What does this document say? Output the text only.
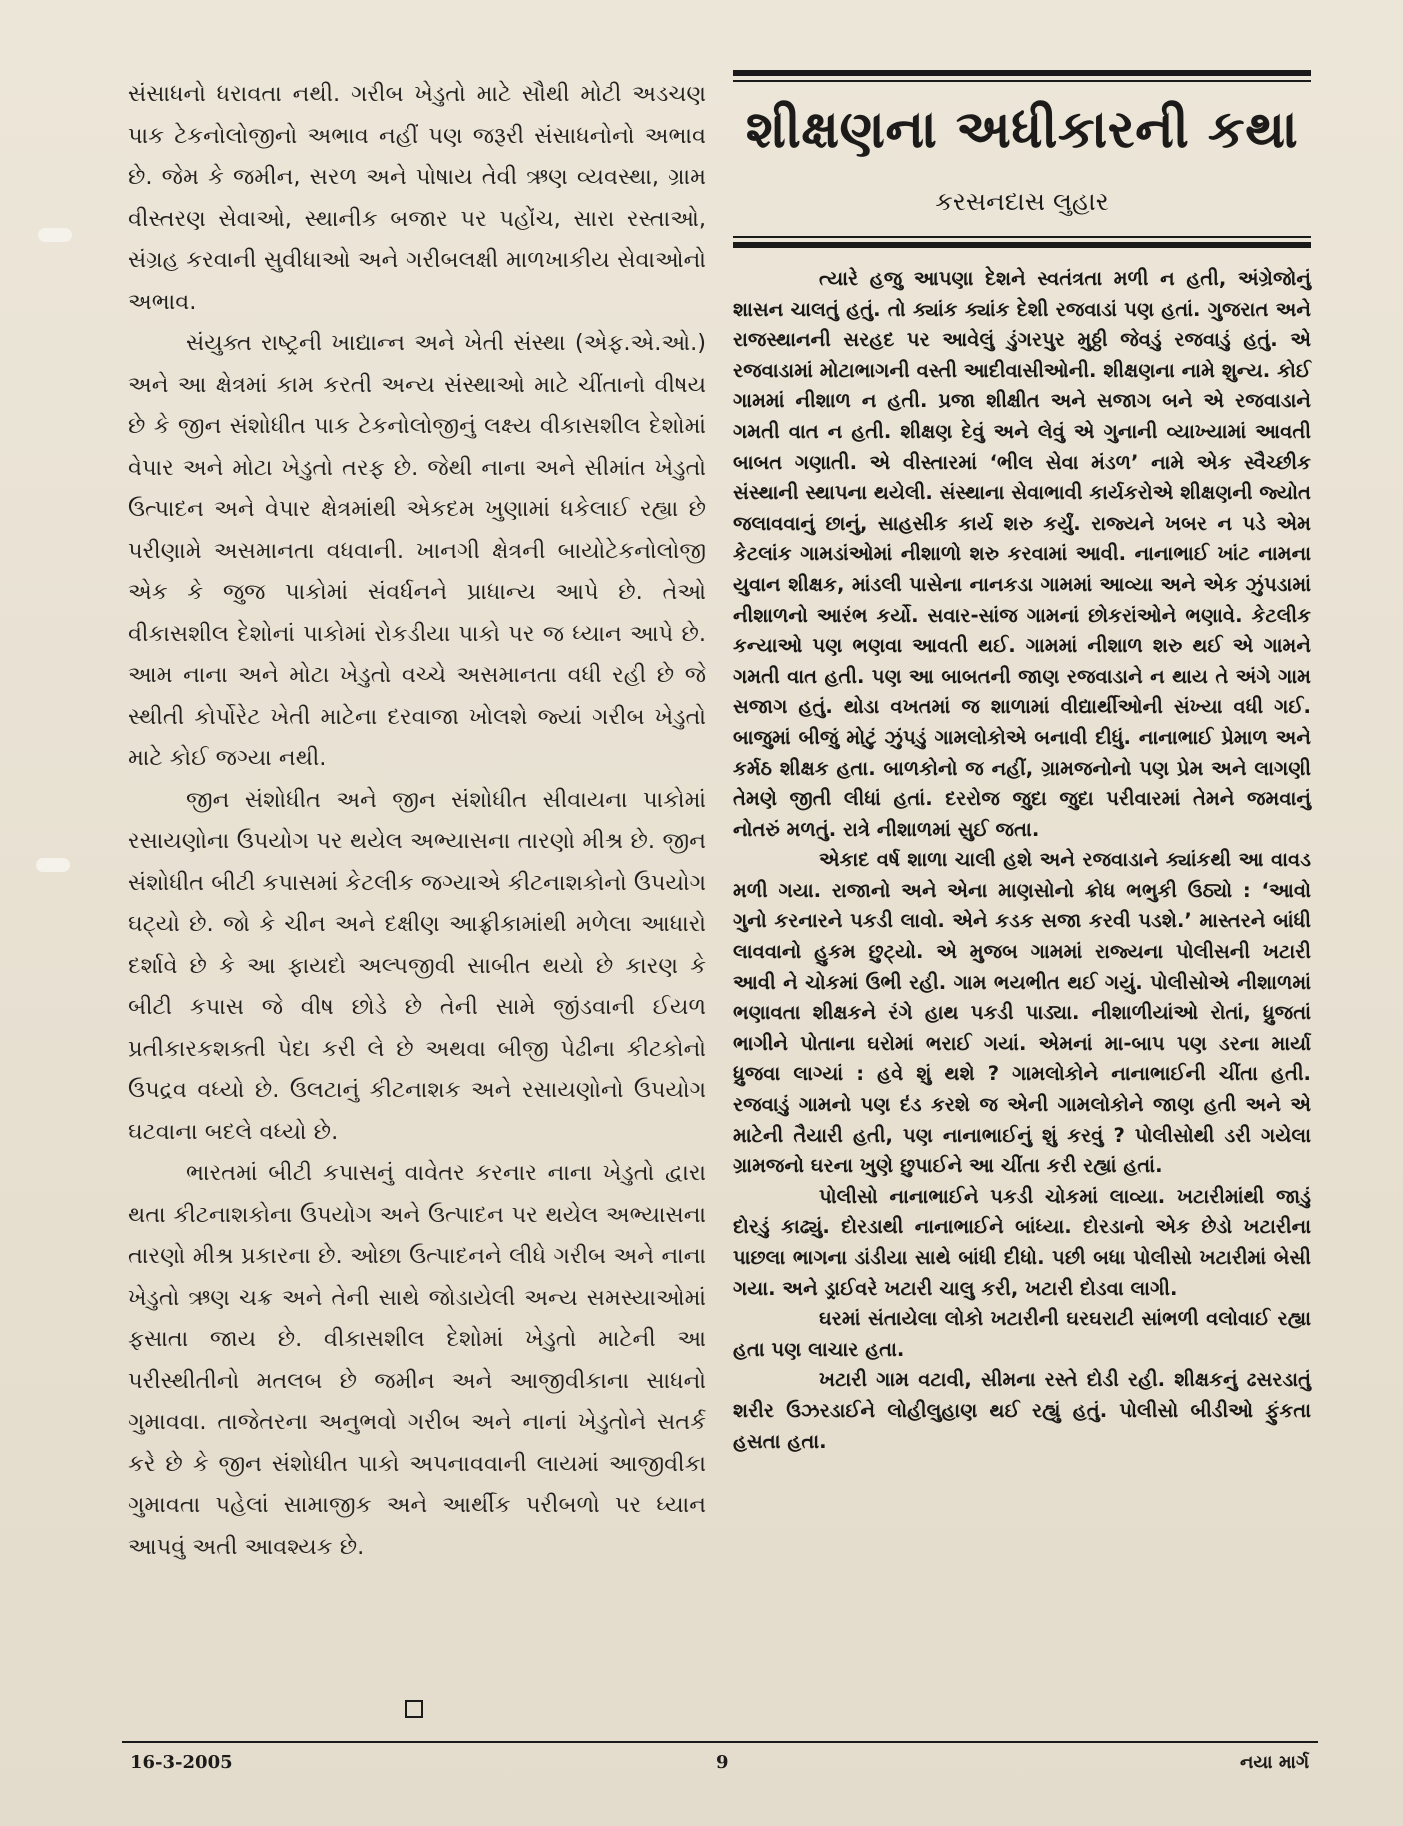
સંસાધનો ધરાવતા નથી. ગરીબ ખેડુતો માટે સૌથી મોટી અડચણ પાક ટેકનોલોજીનો અભાવ નહીં પણ જરૂરી સંસાધનોનો અભાવ છે. જેમ કે જમીન, સરળ અને પોષાય તેવી ઋણ વ્યવસ્થા, ગ્રામ વીસ્તરણ સેવાઓ, સ્થાનીક બજાર પર પહોંચ, સારા રસ્તાઓ, સંગ્રહ કરવાની સુવીધાઓ અને ગરીબલક્ષી માળખાકીય સેવાઓનો અભાવ.

સંયુક્ત રાષ્ટ્રની ખાદ્યાન્ન અને ખેતી સંસ્થા (એફ.એ.ઓ.) અને આ ક્ષેત્રમાં કામ કરતી અન્ય સંસ્થાઓ માટે ચીંતાનો વીષય છે કે જીન સંશોધીત પાક ટેકનોલોજીનું લક્ષ્ય વીકાસશીલ દેશોમાં વેપાર અને મોટા ખેડુતો તરફ છે. જેથી નાના અને સીમાંત ખેડુતો ઉત્પાદન અને વેપાર ક્ષેત્રમાંથી એકદમ ખુણામાં ધકેલાઈ રહ્યા છે પરીણામે અસમાનતા વધવાની. ખાનગી ક્ષેત્રની બાયોટેકનોલોજી એક કે જુજ પાકોમાં સંવર્ધનને પ્રાધાન્ય આપે છે. તેઓ વીકાસશીલ દેશોનાં પાકોમાં રોકડીયા પાકો પર જ ધ્યાન આપે છે. આમ નાના અને મોટા ખેડુતો વચ્ચે અસમાનતા વધી રહી છે જે સ્થીતી કોર્પોરેટ ખેતી માટેના દરવાજા ખોલશે જ્યાં ગરીબ ખેડુતો માટે કોઈ જગ્યા નથી.

જીન સંશોધીત અને જીન સંશોધીત સીવાયના પાકોમાં રસાયણોના ઉપયોગ પર થયેલ અભ્યાસના તારણો મીશ્ર છે. જીન સંશોધીત બીટી કપાસમાં કેટલીક જગ્યાએ કીટનાશકોનો ઉપયોગ ઘટ્યો છે. જો કે ચીન અને દક્ષીણ આફ્રીકામાંથી મળેલા આધારો દર્શાવે છે કે આ ફાયદો અલ્પજીવી સાબીત થયો છે કારણ કે બીટી કપાસ જે વીષ છોડે છે તેની સામે જીંડવાની ઈયળ પ્રતીકારકશક્તી પેદા કરી લે છે અથવા બીજી પેઢીના કીટકોનો ઉપદ્રવ વધ્યો છે. ઉલટાનું કીટનાશક અને રસાયણોનો ઉપયોગ ઘટવાના બદલે વધ્યો છે.

ભારતમાં બીટી કપાસનું વાવેતર કરનાર નાના ખેડુતો દ્વારા થતા કીટનાશકોના ઉપયોગ અને ઉત્પાદન પર થયેલ અભ્યાસના તારણો મીશ્ર પ્રકારના છે. ઓછા ઉત્પાદનને લીધે ગરીબ અને નાના ખેડુતો ઋણ ચક્ર અને તેની સાથે જોડાયેલી અન્ય સમસ્યાઓમાં ફસાતા જાય છે. વીકાસશીલ દેશોમાં ખેડુતો માટેની આ પરીસ્થીતીનો મતલબ છે જમીન અને આજીવીકાના સાધનો ગુમાવવા. તાજેતરના અનુભવો ગરીબ અને નાનાં ખેડુતોને સતર્ક કરે છે કે જીન સંશોધીત પાકો અપનાવવાની લાયમાં આજીવીકા ગુમાવતા પહેલાં સામાજીક અને આર્થીક પરીબળો પર ધ્યાન આપવું અતી આવશ્યક છે.

શીક્ષણના અધીકારની કથા
કરસનદાસ લુહાર

ત્યારે હજુ આપણા દેશને સ્વતંત્રતા મળી ન હતી, અંગ્રેજોનું શાસન ચાલતું હતું. તો ક્યાંક ક્યાંક દેશી રજવાડાં પણ હતાં. ગુજરાત અને રાજસ્થાનની સરહદ પર આવેલું ડુંગરપુર મુઠ્ઠી જેવડું રજવાડું હતું. એ રજવાડામાં મોટાભાગની વસ્તી આદીવાસીઓની. શીક્ષણના નામે શુન્ય. કોઈ ગામમાં નીશાળ ન હતી. પ્રજા શીક્ષીત અને સજાગ બને એ રજવાડાને ગમતી વાત ન હતી. શીક્ષણ દેવું અને લેવું એ ગુનાની વ્યાખ્યામાં આવતી બાબત ગણાતી. એ વીસ્તારમાં ‘ભીલ સેવા મંડળ’ નામે એક સ્વૈચ્છીક સંસ્થાની સ્થાપના થયેલી. સંસ્થાના સેવાભાવી કાર્યકરોએ શીક્ષણની જ્યોત જલાવવાનું છાનું, સાહસીક કાર્ય શરુ કર્યું. રાજ્યને ખબર ન પડે એમ કેટલાંક ગામડાંઓમાં નીશાળો શરુ કરવામાં આવી. નાનાભાઈ ખાંટ નામના યુવાન શીક્ષક, માંડલી પાસેના નાનકડા ગામમાં આવ્યા અને એક ઝુંપડામાં નીશાળનો આરંભ કર્યો. સવાર-સાંજ ગામનાં છોકરાંઓને ભણાવે. કેટલીક કન્યાઓ પણ ભણવા આવતી થઈ. ગામમાં નીશાળ શરુ થઈ એ ગામને ગમતી વાત હતી. પણ આ બાબતની જાણ રજવાડાને ન થાય તે અંગે ગામ સજાગ હતું. થોડા વખતમાં જ શાળામાં વીદ્યાર્થીઓની સંખ્યા વધી ગઈ. બાજુમાં બીજું મોટું ઝુંપડું ગામલોકોએ બનાવી દીધું. નાનાભાઈ પ્રેમાળ અને કર્મઠ શીક્ષક હતા. બાળકોનો જ નહીં, ગ્રામજનોનો પણ પ્રેમ અને લાગણી તેમણે જીતી લીધાં હતાં. દરરોજ જુદા જુદા પરીવારમાં તેમને જમવાનું નોતરું મળતું. રાત્રે નીશાળમાં સુઈ જતા.

એકાદ વર્ષ શાળા ચાલી હશે અને રજવાડાને ક્યાંકથી આ વાવડ મળી ગયા. રાજાનો અને એના માણસોનો ક્રોધ ભભુકી ઉઠ્યો : ‘આવો ગુનો કરનારને પકડી લાવો. એને કડક સજા કરવી પડશે.’ માસ્તરને બાંધી લાવવાનો હુકમ છુટ્યો. એ મુજબ ગામમાં રાજ્યના પોલીસની ખટારી આવી ને ચોકમાં ઉભી રહી. ગામ ભયભીત થઈ ગયું. પોલીસોએ નીશાળમાં ભણાવતા શીક્ષકને રંગે હાથ પકડી પાડ્યા. નીશાળીયાંઓ રોતાં, ધ્રુજતાં ભાગીને પોતાના ઘરોમાં ભરાઈ ગયાં. એમનાં મા-બાપ પણ ડરના માર્યા ધ્રુજવા લાગ્યાં : હવે શું થશે ? ગામલોકોને નાનાભાઈની ચીંતા હતી. રજવાડું ગામનો પણ દંડ કરશે જ એની ગામલોકોને જાણ હતી અને એ માટેની તૈયારી હતી, પણ નાનાભાઈનું શું કરવું ? પોલીસોથી ડરી ગયેલા ગ્રામજનો ઘરના ખુણે છુપાઈને આ ચીંતા કરી રહ્યાં હતાં.

પોલીસો નાનાભાઈને પકડી ચોકમાં લાવ્યા. ખટારીમાંથી જાડું દોરડું કાઢ્યું. દોરડાથી નાનાભાઈને બાંધ્યા. દોરડાનો એક છેડો ખટારીના પાછલા ભાગના ડાંડીયા સાથે બાંધી દીધો. પછી બધા પોલીસો ખટારીમાં બેસી ગયા. અને ડ્રાઈવરે ખટારી ચાલુ કરી, ખટારી દોડવા લાગી.

ઘરમાં સંતાયેલા લોકો ખટારીની ઘરઘરાટી સાંભળી વલોવાઈ રહ્યા હતા પણ લાચાર હતા.

ખટારી ગામ વટાવી, સીમના રસ્તે દોડી રહી. શીક્ષકનું ઢસરડાતું શરીર ઉઝરડાઈને લોહીલુહાણ થઈ રહ્યું હતું. પોલીસો બીડીઓ ફુંકતા હસતા હતા.

16-3-2005	9	નયા માર્ગ
